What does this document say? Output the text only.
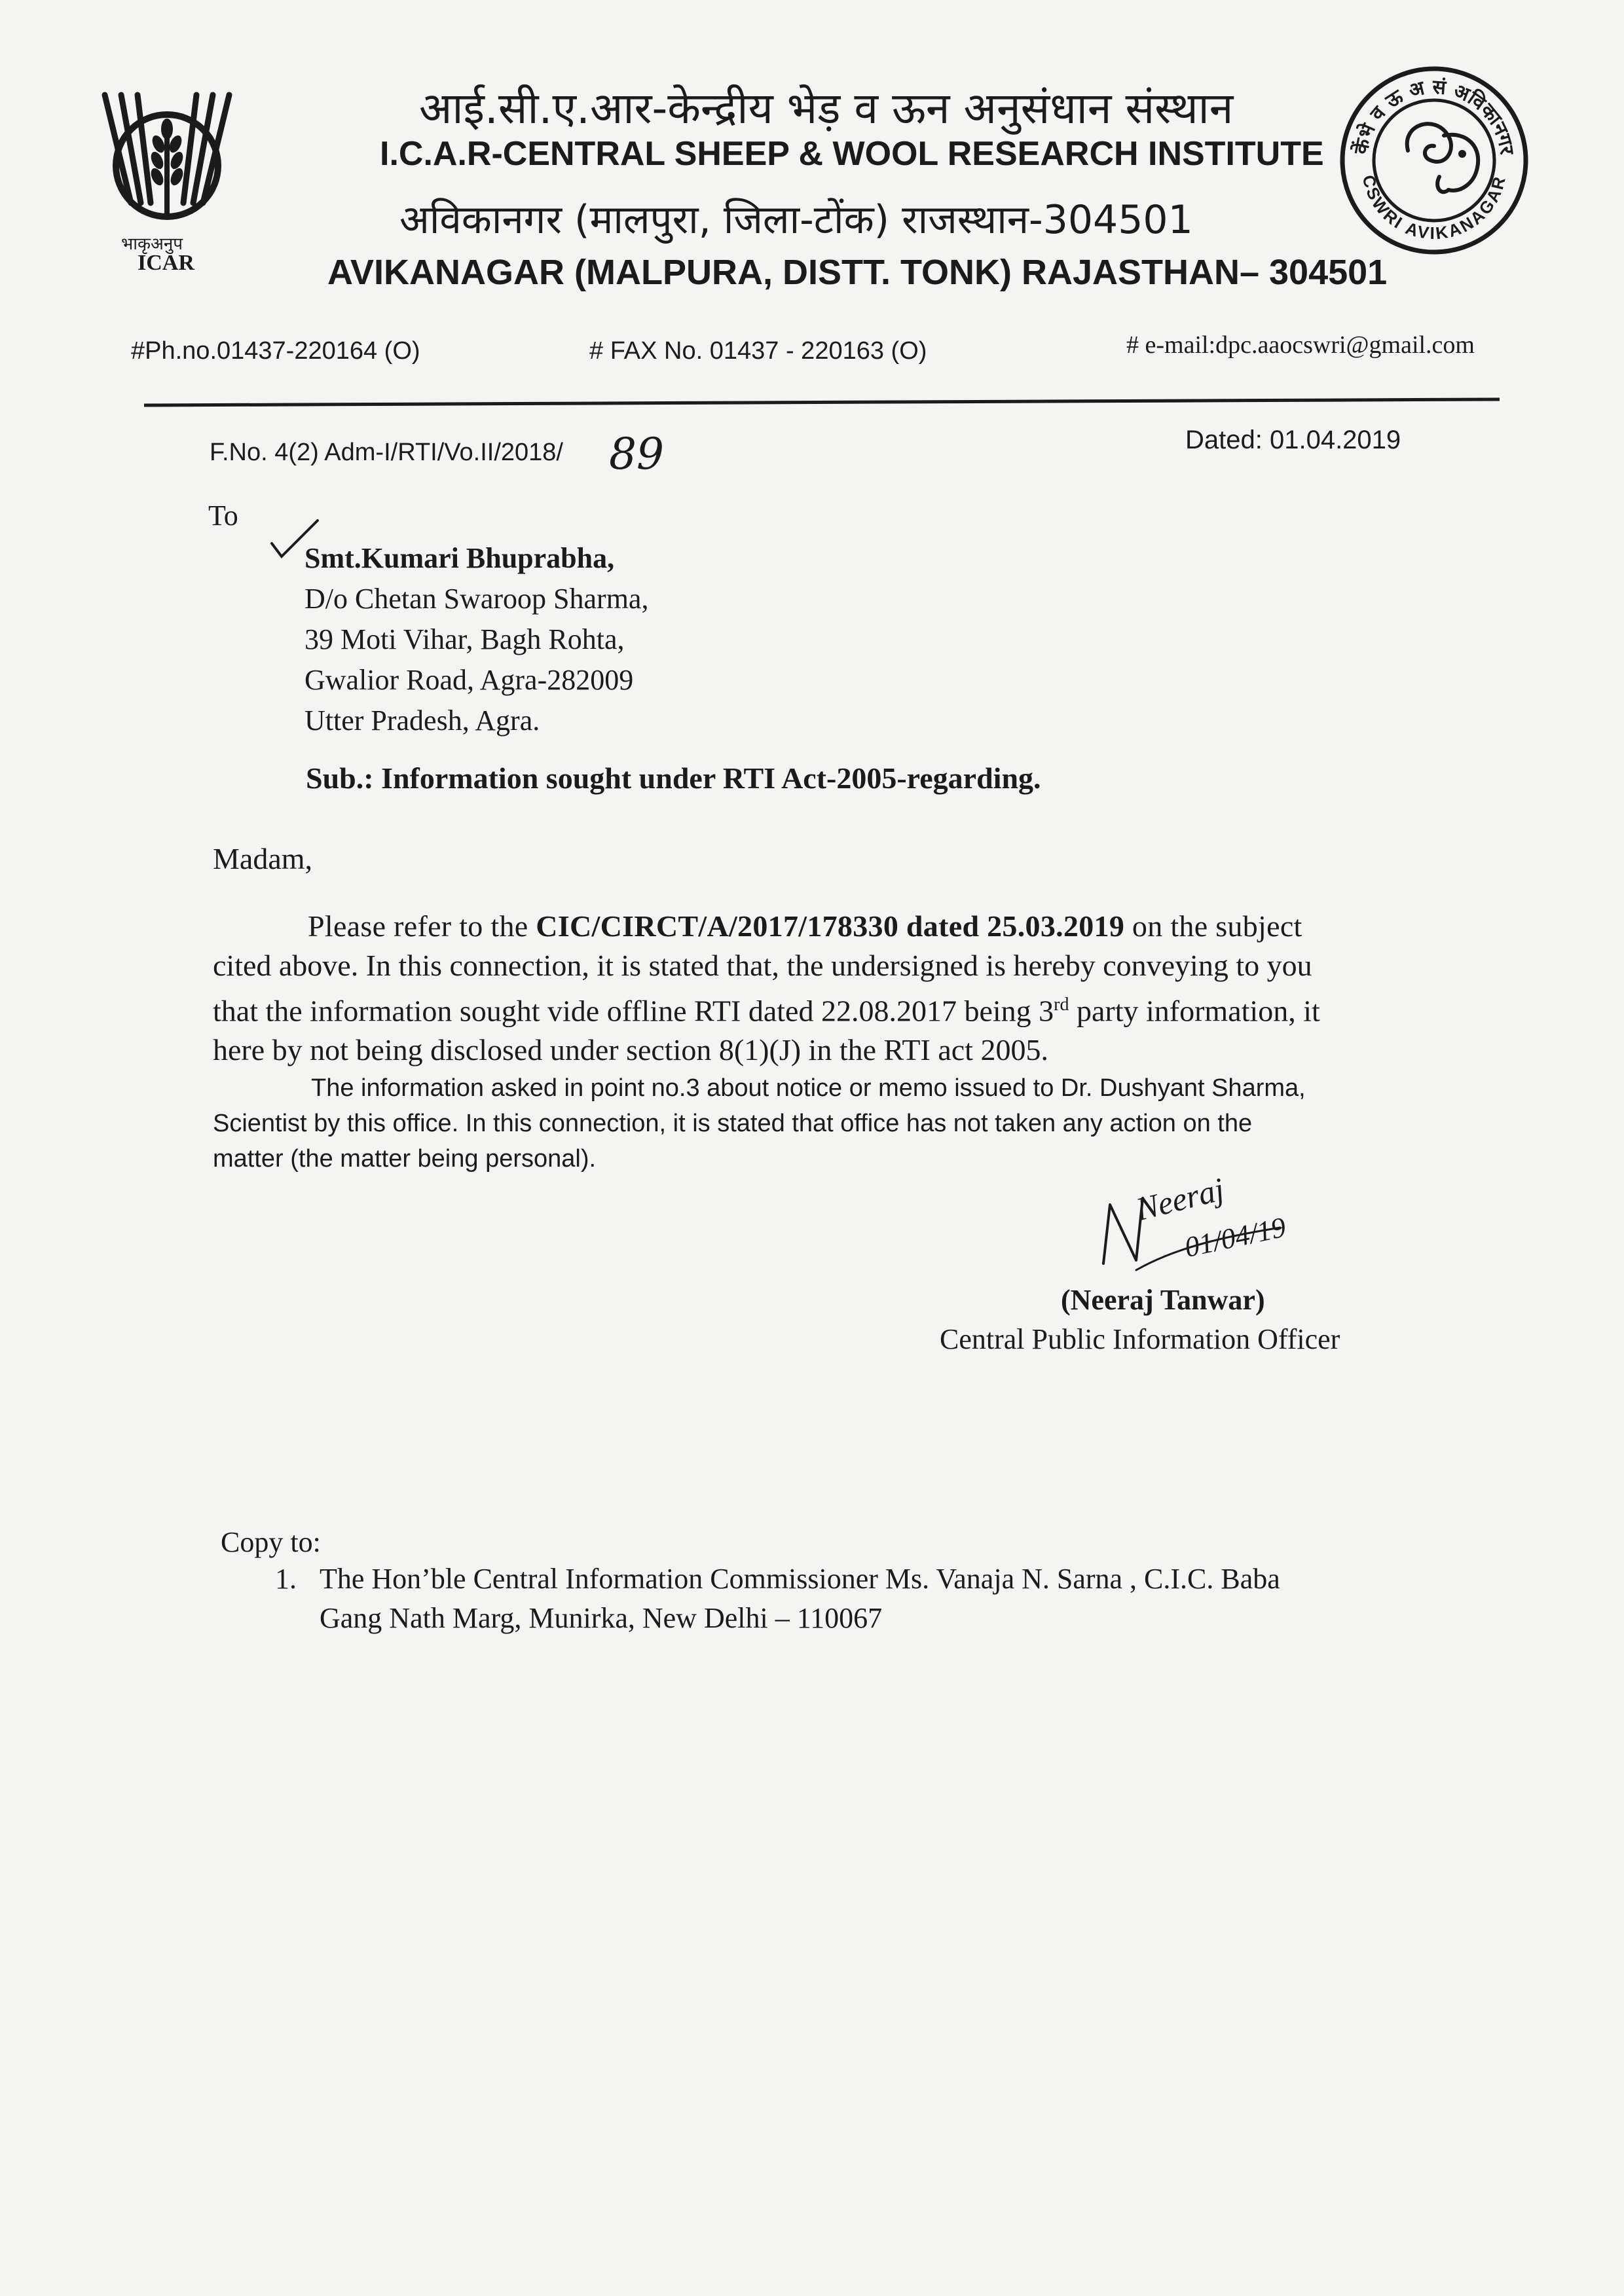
भाकृअनुप
ICAR
केंभे व ऊ अ सं अविकानगर
CSWRI AVIKANAGAR
आई.सी.ए.आर-केन्द्रीय भेड़ व ऊन अनुसंधान संस्थान
I.C.A.R-CENTRAL SHEEP & WOOL RESEARCH INSTITUTE
अविकानगर (मालपुरा, जिला-टोंक) राजस्थान-304501
AVIKANAGAR (MALPURA, DISTT. TONK) RAJASTHAN– 304501
#Ph.no.01437-220164 (O)	# FAX No. 01437 - 220163 (O)	# e-mail:dpc.aaocswri@gmail.com
F.No. 4(2) Adm-I/RTI/Vo.II/2018/ 89	Dated: 01.04.2019
To
Smt.Kumari Bhuprabha,
D/o Chetan Swaroop Sharma,
39 Moti Vihar, Bagh Rohta,
Gwalior Road, Agra-282009
Utter Pradesh, Agra.
Sub.: Information sought under RTI Act-2005-regarding.
Madam,
Please refer to the CIC/CIRCT/A/2017/178330 dated 25.03.2019 on the subject
cited above. In this connection, it is stated that, the undersigned is hereby conveying to you
that the information sought vide offline RTI dated 22.08.2017 being 3rd party information, it
here by not being disclosed under section 8(1)(J) in the RTI act 2005.
The information asked in point no.3 about notice or memo issued to Dr. Dushyant Sharma,
Scientist by this office. In this connection, it is stated that office has not taken any action on the
matter (the matter being personal).
Neeraj
01/04/19
(Neeraj Tanwar)
Central Public Information Officer
Copy to:
1. The Hon’ble Central Information Commissioner Ms. Vanaja N. Sarna , C.I.C. Baba
Gang Nath Marg, Munirka, New Delhi – 110067
